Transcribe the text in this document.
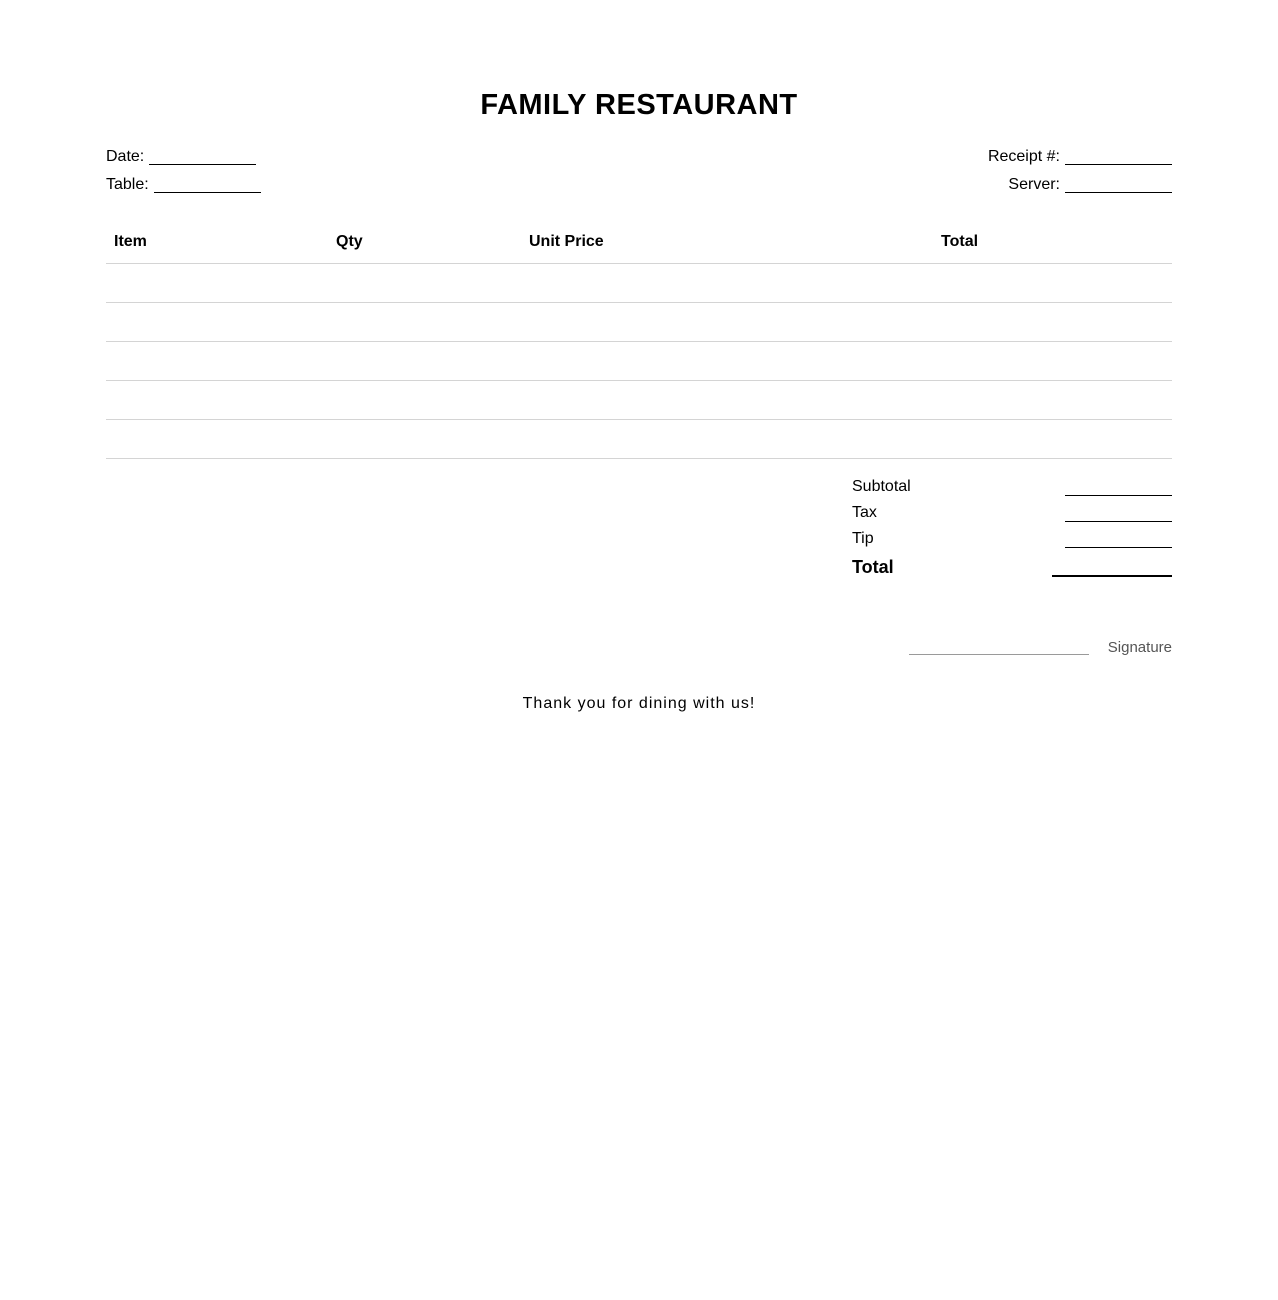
FAMILY RESTAURANT
Date:
Table:
Receipt #:
Server:
Item	Qty	Unit Price	Total
Subtotal
Tax
Tip
Total
Signature
Thank you for dining with us!
